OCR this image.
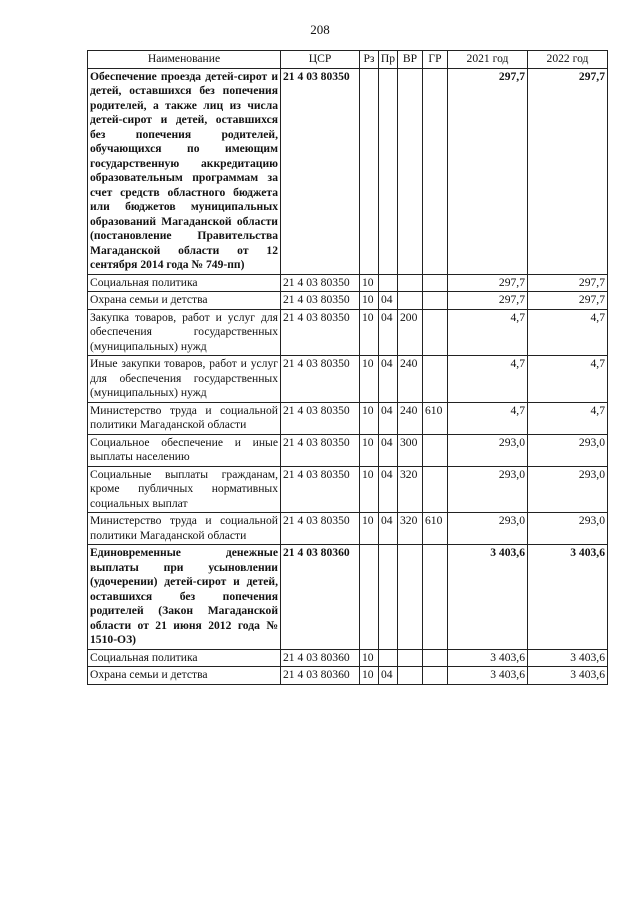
208
Наименование	ЦСР	Рз	Пр	ВР	ГР	2021 год	2022 год
Обеспечение проезда детей-сирот и детей, оставшихся без попечения родителей, а также лиц из числа детей-сирот и детей, оставшихся без попечения родителей, обучающихся по имеющим государственную аккредитацию образовательным программам за счет средств областного бюджета или бюджетов муниципальных образований Магаданской области (постановление Правительства Магаданской области от 12 сентября 2014 года № 749-пп)	21 4 03 80350					297,7	297,7
Социальная политика	21 4 03 80350	10				297,7	297,7
Охрана семьи и детства	21 4 03 80350	10	04			297,7	297,7
Закупка товаров, работ и услуг для обеспечения государственных (муниципальных) нужд	21 4 03 80350	10	04	200		4,7	4,7
Иные закупки товаров, работ и услуг для обеспечения государственных (муниципальных) нужд	21 4 03 80350	10	04	240		4,7	4,7
Министерство труда и социальной политики Магаданской области	21 4 03 80350	10	04	240	610	4,7	4,7
Социальное обеспечение и иные выплаты населению	21 4 03 80350	10	04	300		293,0	293,0
Социальные выплаты гражданам, кроме публичных нормативных социальных выплат	21 4 03 80350	10	04	320		293,0	293,0
Министерство труда и социальной политики Магаданской области	21 4 03 80350	10	04	320	610	293,0	293,0
Единовременные денежные выплаты при усыновлении (удочерении) детей-сирот и детей, оставшихся без попечения родителей (Закон Магаданской области от 21 июня 2012 года № 1510-ОЗ)	21 4 03 80360					3 403,6	3 403,6
Социальная политика	21 4 03 80360	10				3 403,6	3 403,6
Охрана семьи и детства	21 4 03 80360	10	04			3 403,6	3 403,6
